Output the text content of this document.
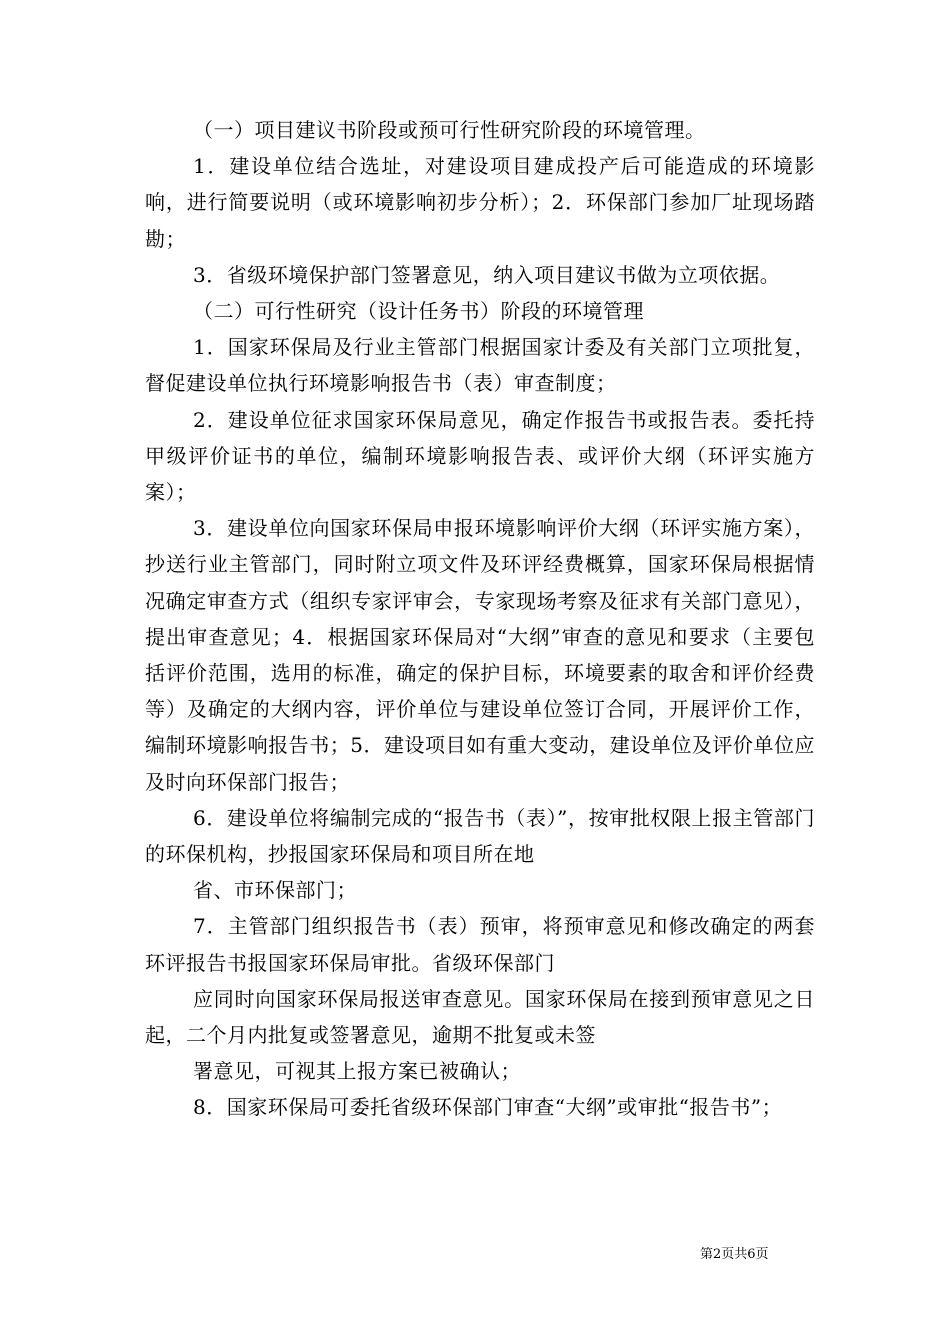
（一）项目建议书阶段或预可行性研究阶段的环境管理。

1．建设单位结合选址，对建设项目建成投产后可能造成的环境影响，进行简要说明（或环境影响初步分析）；2．环保部门参加厂址现场踏勘；

3．省级环境保护部门签署意见，纳入项目建议书做为立项依据。

（二）可行性研究（设计任务书）阶段的环境管理

1．国家环保局及行业主管部门根据国家计委及有关部门立项批复，督促建设单位执行环境影响报告书（表）审查制度；

2．建设单位征求国家环保局意见，确定作报告书或报告表。委托持甲级评价证书的单位，编制环境影响报告表、或评价大纲（环评实施方案）；

3．建设单位向国家环保局申报环境影响评价大纲（环评实施方案），抄送行业主管部门，同时附立项文件及环评经费概算，国家环保局根据情况确定审查方式（组织专家评审会，专家现场考察及征求有关部门意见），提出审查意见；4．根据国家环保局对“大纲”审查的意见和要求（主要包括评价范围，选用的标准，确定的保护目标，环境要素的取舍和评价经费等）及确定的大纲内容，评价单位与建设单位签订合同，开展评价工作，编制环境影响报告书；5．建设项目如有重大变动，建设单位及评价单位应及时向环保部门报告；

6．建设单位将编制完成的“报告书（表）”，按审批权限上报主管部门的环保机构，抄报国家环保局和项目所在地

省、市环保部门；

7．主管部门组织报告书（表）预审，将预审意见和修改确定的两套环评报告书报国家环保局审批。省级环保部门

应同时向国家环保局报送审查意见。国家环保局在接到预审意见之日起，二个月内批复或签署意见，逾期不批复或未签

署意见，可视其上报方案已被确认；

8．国家环保局可委托省级环保部门审查“大纲”或审批“报告书”；

第2页共6页
